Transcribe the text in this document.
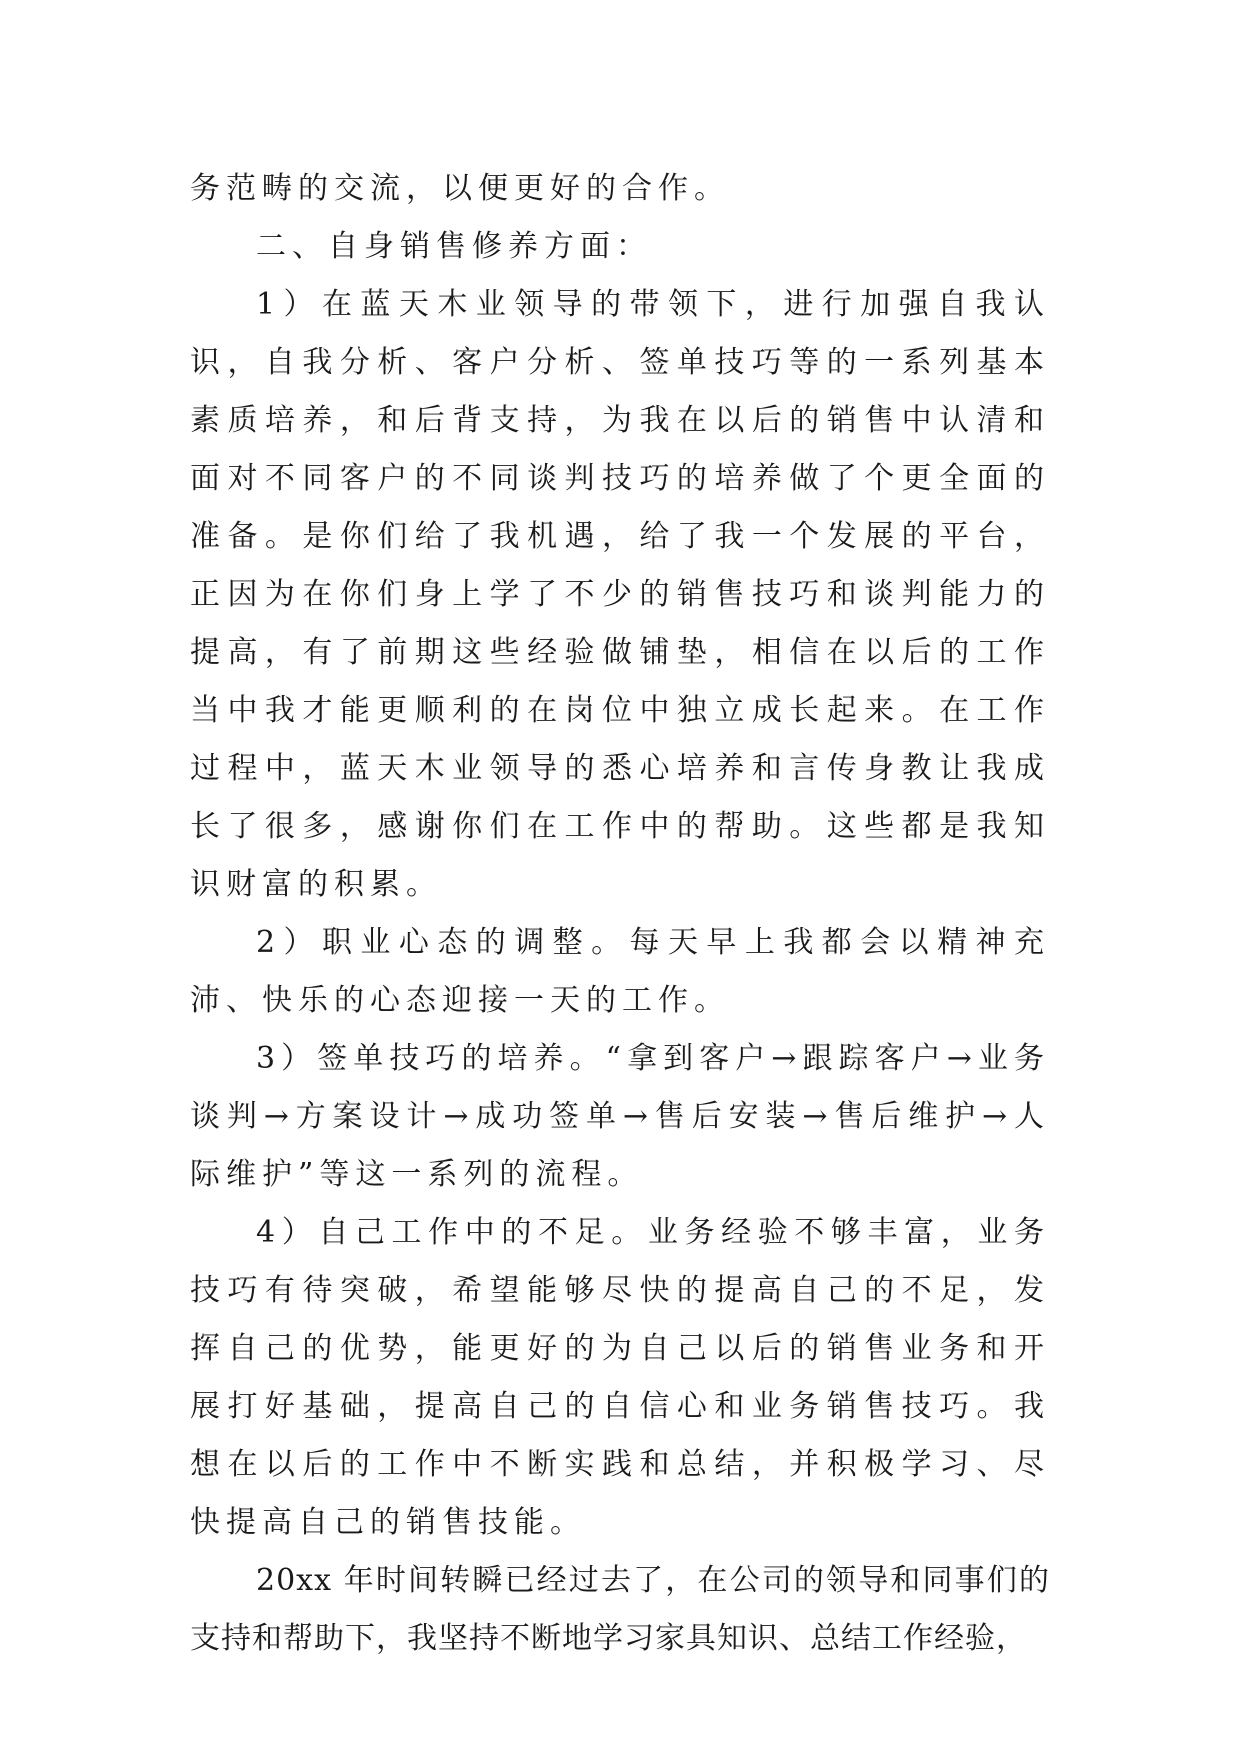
务范畴的交流，以便更好的合作。

二、自身销售修养方面：

1）在蓝天木业领导的带领下，进行加强自我认识，自我分析、客户分析、签单技巧等的一系列基本素质培养，和后背支持，为我在以后的销售中认清和面对不同客户的不同谈判技巧的培养做了个更全面的准备。是你们给了我机遇，给了我一个发展的平台，正因为在你们身上学了不少的销售技巧和谈判能力的提高，有了前期这些经验做铺垫，相信在以后的工作当中我才能更顺利的在岗位中独立成长起来。在工作过程中，蓝天木业领导的悉心培养和言传身教让我成长了很多，感谢你们在工作中的帮助。这些都是我知识财富的积累。

2）职业心态的调整。每天早上我都会以精神充沛、快乐的心态迎接一天的工作。

3）签单技巧的培养。“拿到客户→跟踪客户→业务谈判→方案设计→成功签单→售后安装→售后维护→人际维护”等这一系列的流程。

4）自己工作中的不足。业务经验不够丰富，业务技巧有待突破，希望能够尽快的提高自己的不足，发挥自己的优势，能更好的为自己以后的销售业务和开展打好基础，提高自己的自信心和业务销售技巧。我想在以后的工作中不断实践和总结，并积极学习、尽快提高自己的销售技能。

20xx 年时间转瞬已经过去了，在公司的领导和同事们的支持和帮助下，我坚持不断地学习家具知识、总结工作经验，
